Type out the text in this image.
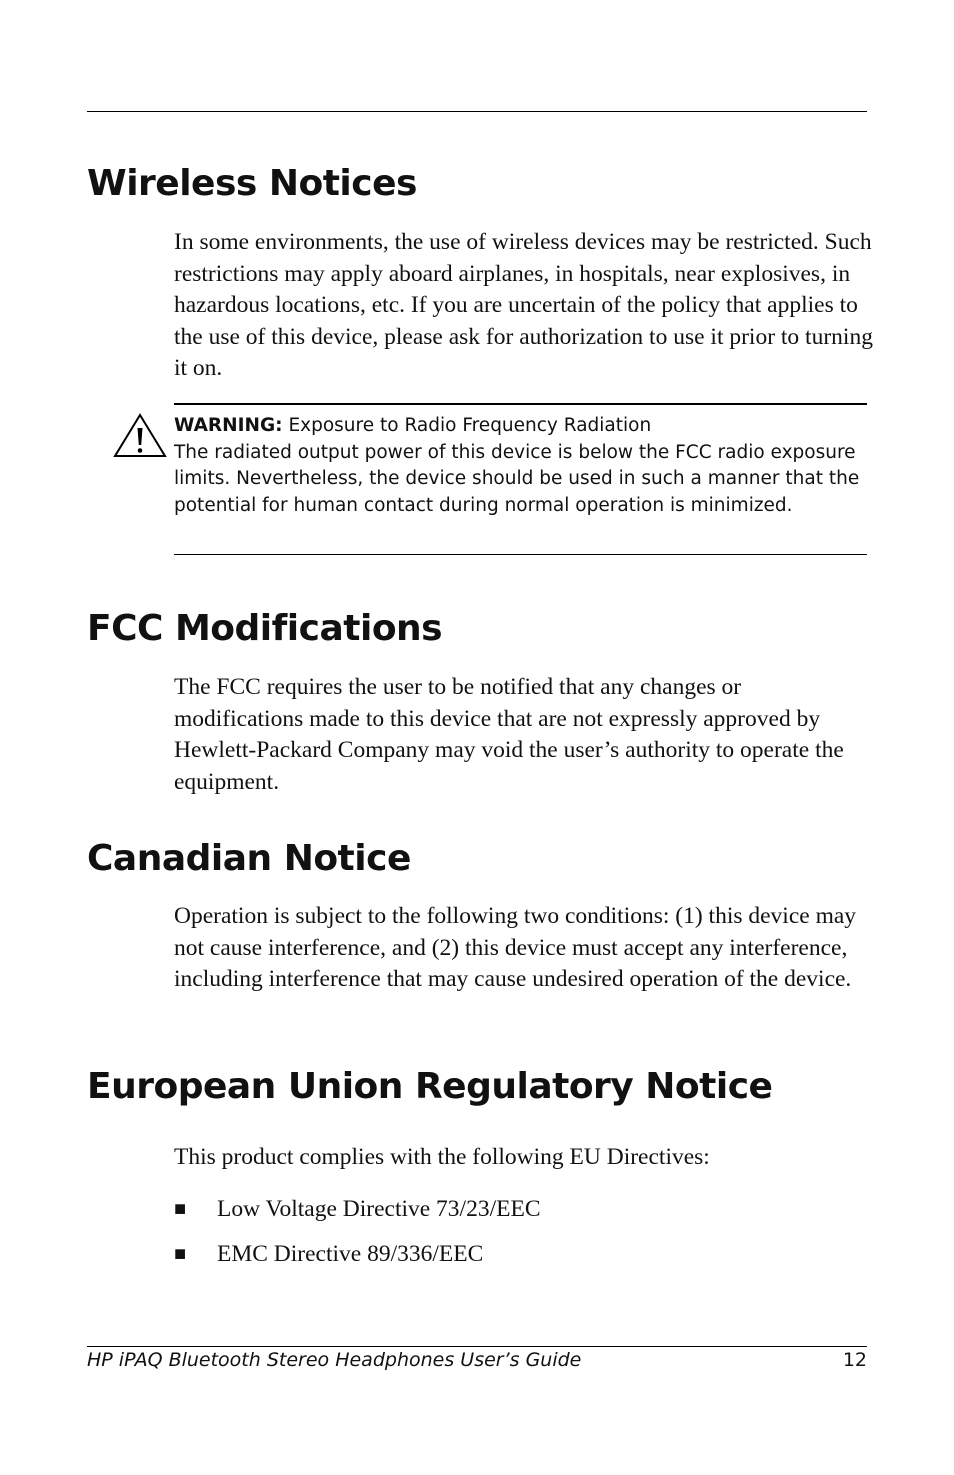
Wireless Notices

In some environments, the use of wireless devices may be restricted. Such restrictions may apply aboard airplanes, in hospitals, near explosives, in hazardous locations, etc. If you are uncertain of the policy that applies to the use of this device, please ask for authorization to use it prior to turning it on.

WARNING: Exposure to Radio Frequency Radiation
The radiated output power of this device is below the FCC radio exposure limits. Nevertheless, the device should be used in such a manner that the potential for human contact during normal operation is minimized.
FCC Modifications

The FCC requires the user to be notified that any changes or modifications made to this device that are not expressly approved by Hewlett-Packard Company may void the user’s authority to operate the equipment.

Canadian Notice

Operation is subject to the following two conditions: (1) this device may not cause interference, and (2) this device must accept any interference, including interference that may cause undesired operation of the device.

European Union Regulatory Notice

This product complies with the following EU Directives:

■	Low Voltage Directive 73/23/EEC
■	EMC Directive 89/336/EEC

HP iPAQ Bluetooth Stereo Headphones User’s Guide	12
